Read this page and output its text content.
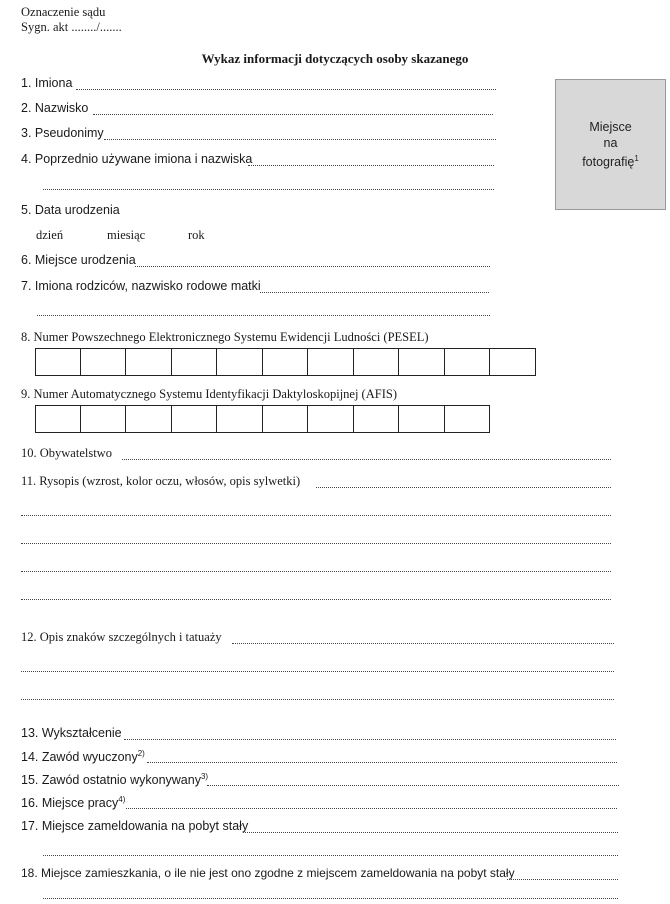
Oznaczenie sądu
Sygn. akt ......../.......
Wykaz informacji dotyczących osoby skazanego
Miejsce
na
fotografię$^1$
1. Imiona
2. Nazwisko
3. Pseudonimy
4. Poprzednio używane imiona i nazwiska
5. Data urodzenia
dzień	miesiąc	rok
6. Miejsce urodzenia
7. Imiona rodziców, nazwisko rodowe matki
8. Numer Powszechnego Elektronicznego Systemu Ewidencji Ludności (PESEL)
9. Numer Automatycznego Systemu Identyfikacji Daktyloskopijnej (AFIS)
10. Obywatelstwo
11. Rysopis (wzrost, kolor oczu, włosów, opis sylwetki)
12. Opis znaków szczególnych i tatuaży
13. Wykształcenie
14. Zawód wyuczony$^{2)}$
15. Zawód ostatnio wykonywany$^{3)}$
16. Miejsce pracy$^{4)}$
17. Miejsce zameldowania na pobyt stały
18. Miejsce zamieszkania, o ile nie jest ono zgodne z miejscem zameldowania na pobyt stały
